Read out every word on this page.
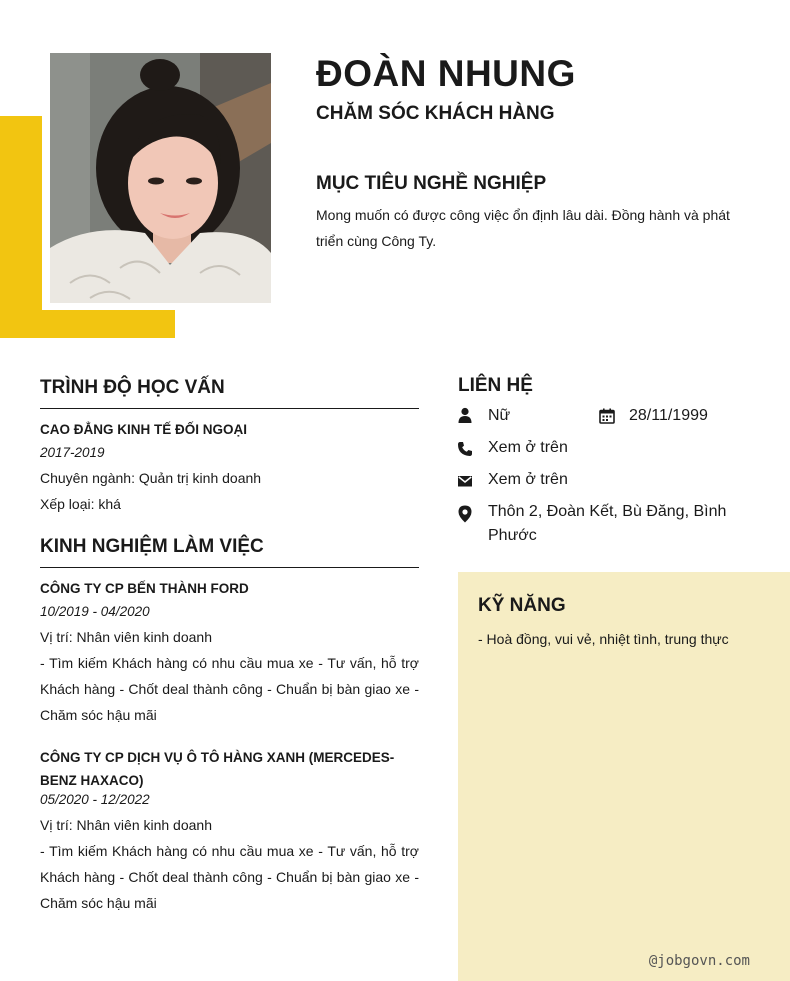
ĐOÀN NHUNG
CHĂM SÓC KHÁCH HÀNG
MỤC TIÊU NGHỀ NGHIỆP

Mong muốn có được công việc ổn định lâu dài. Đồng hành và phát triển cùng Công Ty.

TRÌNH ĐỘ HỌC VẤN

CAO ĐẲNG KINH TẾ ĐỐI NGOẠI

2017-2019

Chuyên ngành: Quản trị kinh doanh

Xếp loại: khá

KINH NGHIỆM LÀM VIỆC

CÔNG TY CP BẾN THÀNH FORD

10/2019 - 04/2020

Vị trí: Nhân viên kinh doanh

- Tìm kiếm Khách hàng có nhu cầu mua xe - Tư vấn, hỗ trợ Khách hàng - Chốt deal thành công - Chuẩn bị bàn giao xe - Chăm sóc hậu mãi

CÔNG TY CP DỊCH VỤ Ô TÔ HÀNG XANH (MERCEDES-BENZ HAXACO)

05/2020 - 12/2022

Vị trí: Nhân viên kinh doanh

- Tìm kiếm Khách hàng có nhu cầu mua xe - Tư vấn, hỗ trợ Khách hàng - Chốt deal thành công - Chuẩn bị bàn giao xe - Chăm sóc hậu mãi

LIÊN HỆ

Nữ	28/11/1999

Xem ở trên

Xem ở trên

Thôn 2, Đoàn Kết, Bù Đăng, Bình Phước

KỸ NĂNG

- Hoà đồng, vui vẻ, nhiệt tình, trung thực

@jobgovn.com
